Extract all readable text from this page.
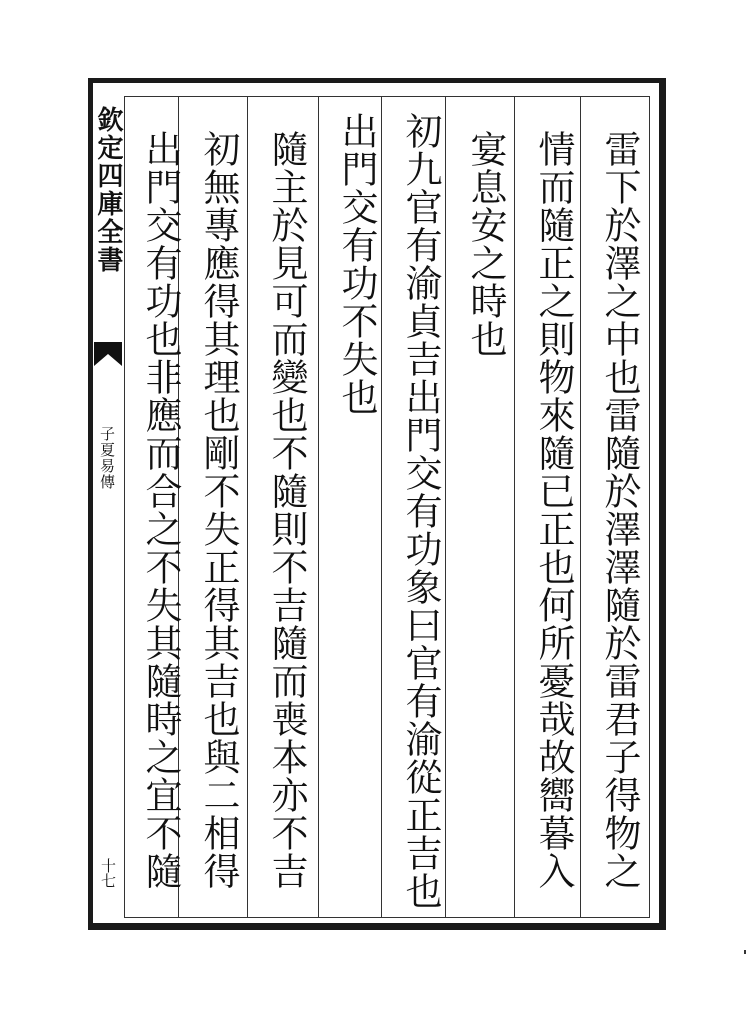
欽定四庫全書
子夏易傳
十七	雷下於澤之中也雷隨於澤澤隨於雷君子得物之
情而隨正之則物來隨已正也何所憂哉故嚮暮入
宴息安之時也
初九官有渝貞吉出門交有功象曰官有渝從正吉也
出門交有功不失也
隨主於見可而變也不隨則不吉隨而喪本亦不吉
初無專應得其理也剛不失正得其吉也與二相得
出門交有功也非應而合之不失其隨時之宜不隨
